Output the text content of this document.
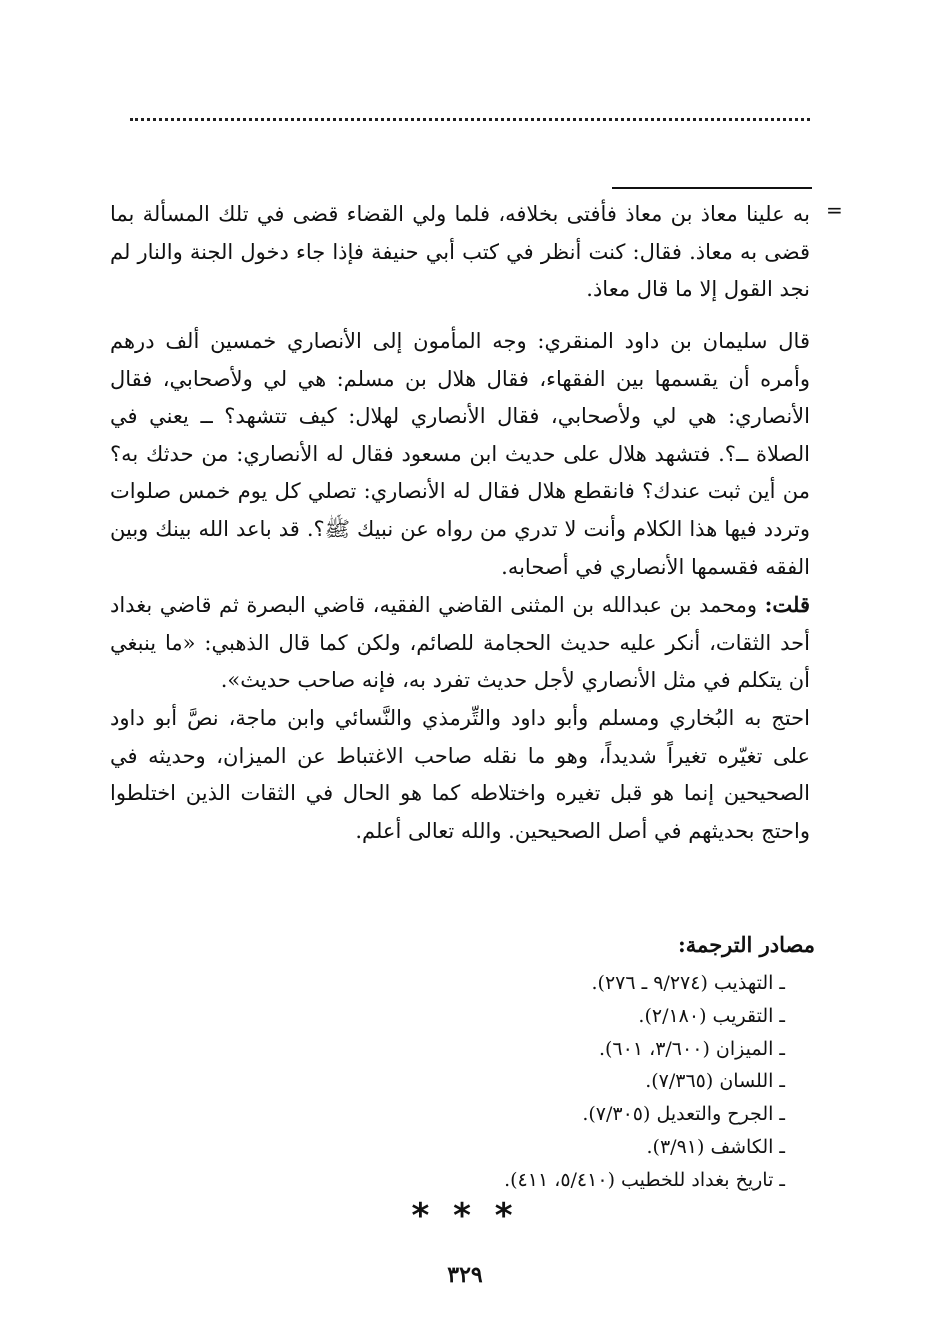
=

به علينا معاذ بن معاذ فأفتى بخلافه، فلما ولي القضاء قضى في تلك المسألة بما قضى به معاذ. فقال: كنت أنظر في كتب أبي حنيفة فإذا جاء دخول الجنة والنار لم نجد القول إلا ما قال معاذ.

قال سليمان بن داود المنقري: وجه المأمون إلى الأنصاري خمسين ألف درهم وأمره أن يقسمها بين الفقهاء، فقال هلال بن مسلم: هي لي ولأصحابي، فقال الأنصاري: هي لي ولأصحابي، فقال الأنصاري لهلال: كيف تتشهد؟ ــ يعني في الصلاة ــ؟. فتشهد هلال على حديث ابن مسعود فقال له الأنصاري: من حدثك به؟ من أين ثبت عندك؟ فانقطع هلال فقال له الأنصاري: تصلي كل يوم خمس صلوات وتردد فيها هذا الكلام وأنت لا تدري من رواه عن نبيك ﷺ؟. قد باعد الله بينك وبين الفقه فقسمها الأنصاري في أصحابه.

قلت: ومحمد بن عبدالله بن المثنى القاضي الفقيه، قاضي البصرة ثم قاضي بغداد أحد الثقات، أنكر عليه حديث الحجامة للصائم، ولكن كما قال الذهبي: «ما ينبغي أن يتكلم في مثل الأنصاري لأجل حديث تفرد به، فإنه صاحب حديث».

احتج به البُخاري ومسلم وأبو داود والتِّرمذي والنَّسائي وابن ماجة، نصَّ أبو داود على تغيّره تغيراً شديداً، وهو ما نقله صاحب الاغتباط عن الميزان، وحديثه في الصحيحين إنما هو قبل تغيره واختلاطه كما هو الحال في الثقات الذين اختلطوا واحتج بحديثهم في أصل الصحيحين. والله تعالى أعلم.

مصادر الترجمة:
ـ التهذيب (٩/٢٧٤ ـ ٢٧٦).
ـ التقريب (٢/١٨٠).
ـ الميزان (٣/٦٠٠، ٦٠١).
ـ اللسان (٧/٣٦٥).
ـ الجرح والتعديل (٧/٣٠٥).
ـ الكاشف (٣/٩١).
ـ تاريخ بغداد للخطيب (٥/٤١٠، ٤١١).
* * *
٣٢٩
